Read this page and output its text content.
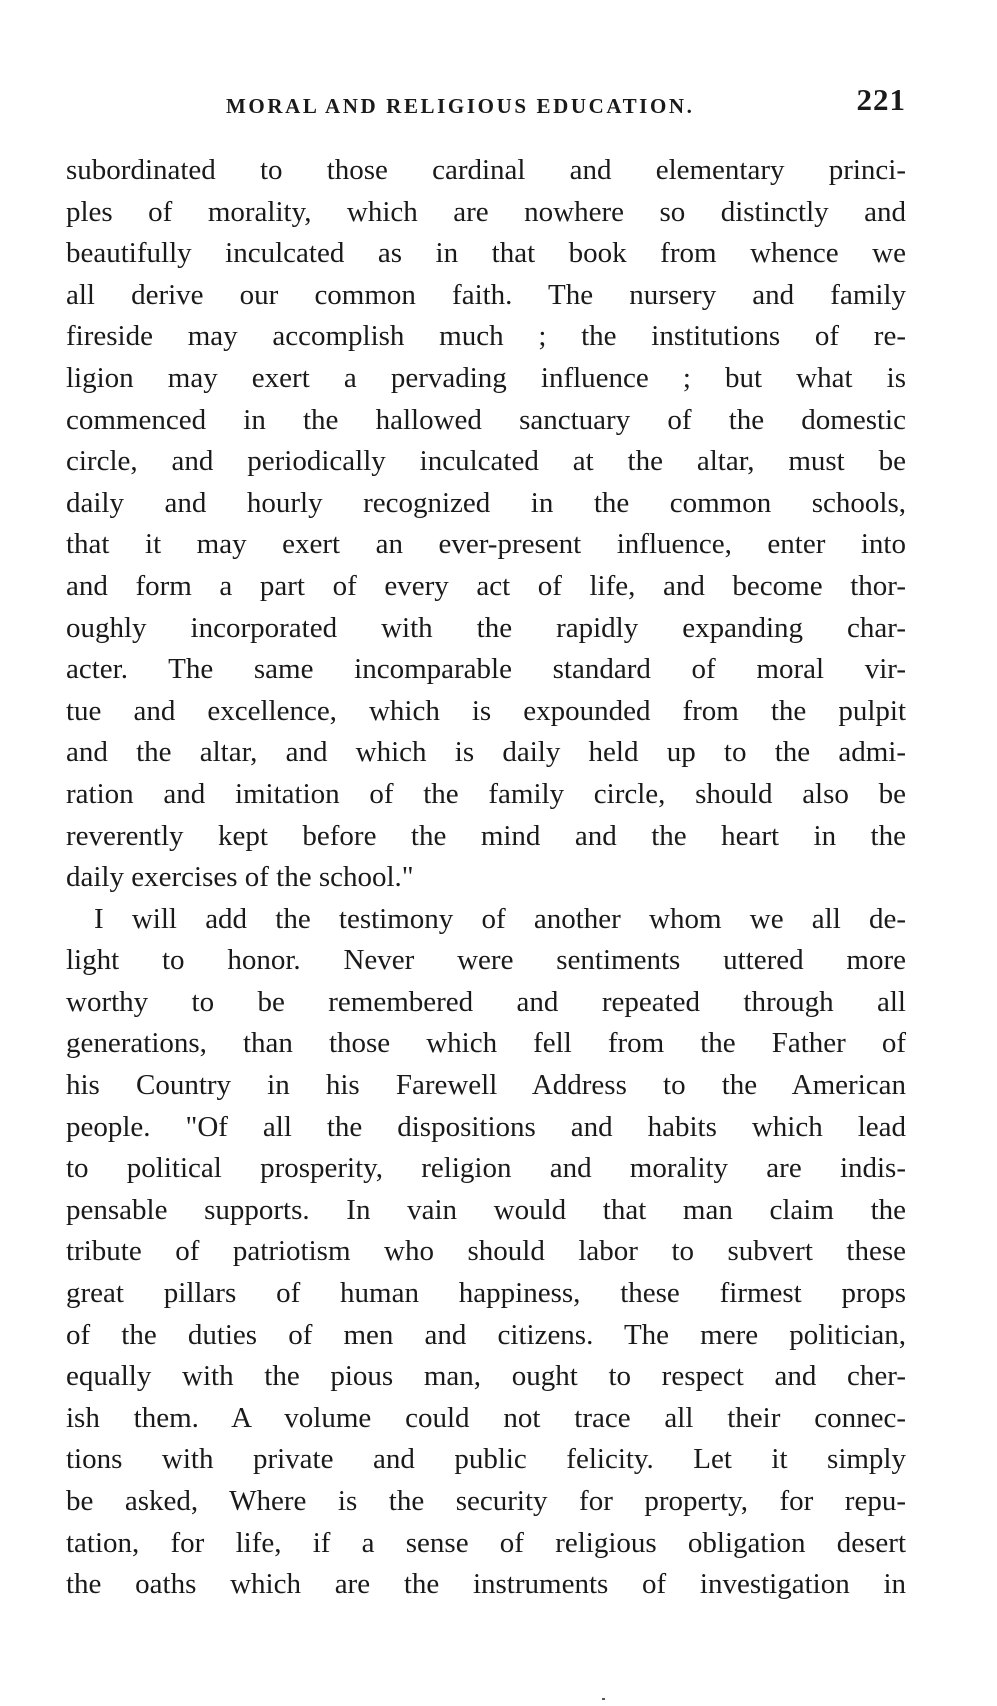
MORAL AND RELIGIOUS EDUCATION.	221
subordinated to those cardinal and elementary princi-
ples of morality, which are nowhere so distinctly and
beautifully inculcated as in that book from whence we
all derive our common faith. The nursery and family
fireside may accomplish much ; the institutions of re-
ligion may exert a pervading influence ; but what is
commenced in the hallowed sanctuary of the domestic
circle, and periodically inculcated at the altar, must be
daily and hourly recognized in the common schools,
that it may exert an ever-present influence, enter into
and form a part of every act of life, and become thor-
oughly incorporated with the rapidly expanding char-
acter. The same incomparable standard of moral vir-
tue and excellence, which is expounded from the pulpit
and the altar, and which is daily held up to the admi-
ration and imitation of the family circle, should also be
reverently kept before the mind and the heart in the
daily exercises of the school."
I will add the testimony of another whom we all de-
light to honor. Never were sentiments uttered more
worthy to be remembered and repeated through all
generations, than those which fell from the Father of
his Country in his Farewell Address to the American
people. "Of all the dispositions and habits which lead
to political prosperity, religion and morality are indis-
pensable supports. In vain would that man claim the
tribute of patriotism who should labor to subvert these
great pillars of human happiness, these firmest props
of the duties of men and citizens. The mere politician,
equally with the pious man, ought to respect and cher-
ish them. A volume could not trace all their connec-
tions with private and public felicity. Let it simply
be asked, Where is the security for property, for repu-
tation, for life, if a sense of religious obligation desert
the oaths which are the instruments of investigation in
